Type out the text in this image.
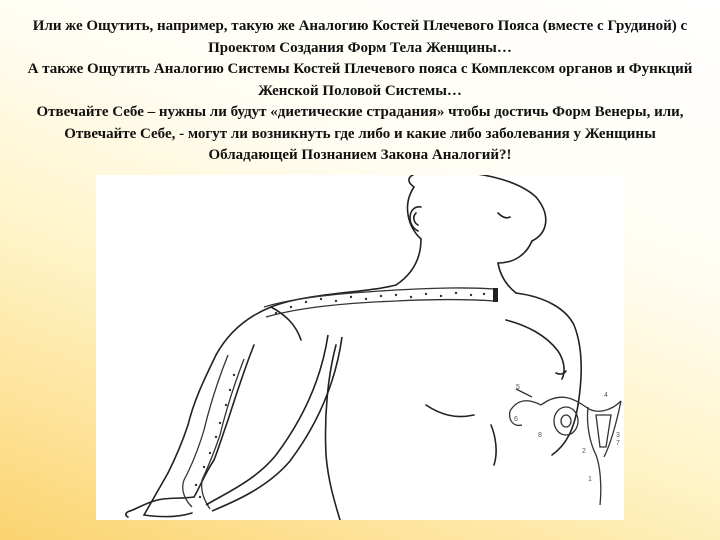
Или же Ощутить, например, такую же Аналогию Костей Плечевого Пояса (вместе с Грудиной) с Проектом Создания Форм Тела Женщины…

А также Ощутить Аналогию Системы Костей Плечевого пояса с Комплексом органов и Функций Женской Половой Системы…

Отвечайте Себе – нужны ли будут «диетические страдания» чтобы достичь Форм Венеры, или, Отвечайте Себе, - могут ли возникнуть где либо и какие либо заболевания у Женщины Обладающей Познанием Закона Аналогий?!

5
6
8
4
3
2
7
1
